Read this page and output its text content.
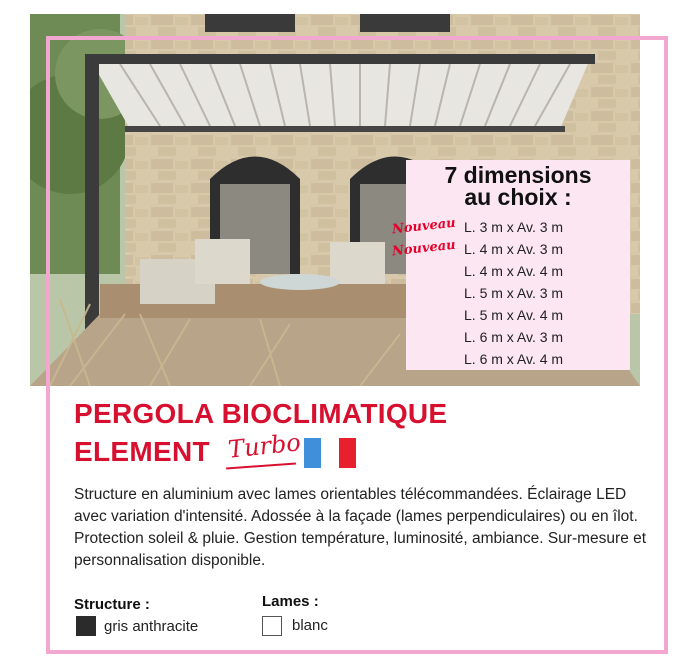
7 dimensions
au choix :
Nouveau L. 3 m x Av. 3 m
Nouveau L. 4 m x Av. 3 m
L. 4 m x Av. 4 m
L. 5 m x Av. 3 m
L. 5 m x Av. 4 m
L. 6 m x Av. 3 m
L. 6 m x Av. 4 m
PERGOLA BIOCLIMATIQUE
ELEMENT Turbo
Structure en aluminium avec lames orientables télécommandées. Éclairage LED avec variation d'intensité. Adossée à la façade (lames perpendiculaires) ou en îlot. Protection soleil & pluie. Gestion température, luminosité, ambiance. Sur-mesure et personnalisation disponible.
Structure :
gris anthracite
Lames :
blanc
